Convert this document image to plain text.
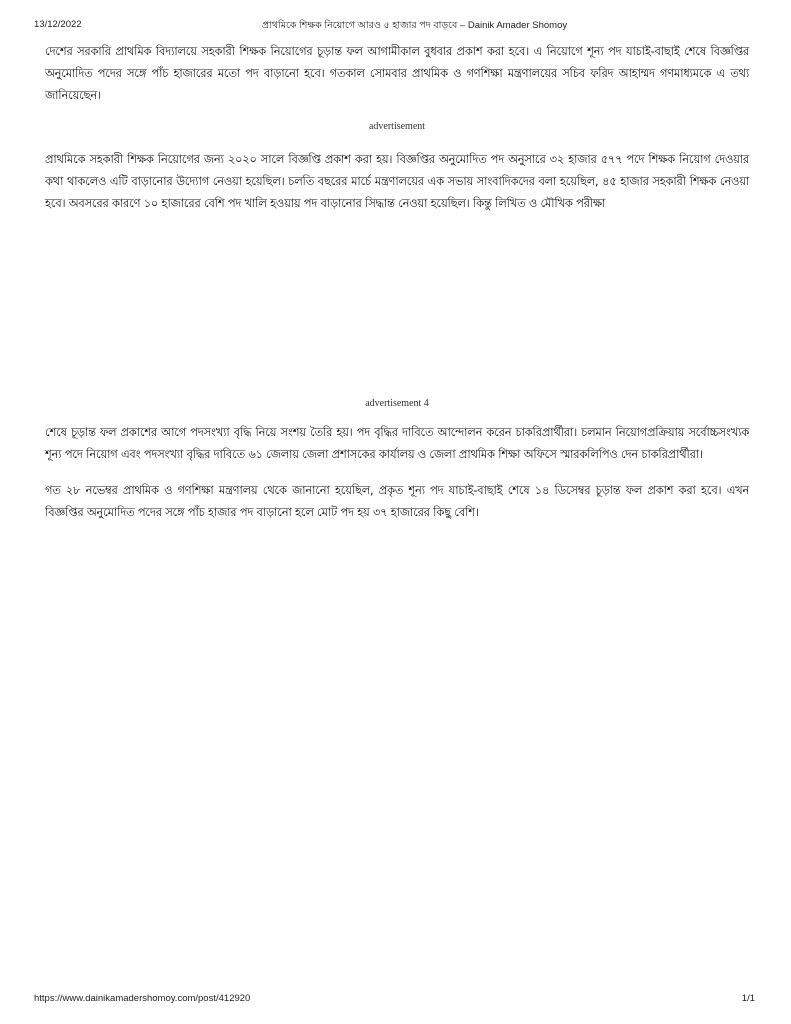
13/12/2022	প্রাথমিকে শিক্ষক নিয়োগে আরও ৫ হাজার পদ বাড়বে – Dainik Amader Shomoy

দেশের সরকারি প্রাথমিক বিদ্যালয়ে সহকারী শিক্ষক নিয়োগের চূড়ান্ত ফল আগামীকাল বুধবার প্রকাশ করা হবে। এ নিয়োগে শূন্য পদ যাচাই-বাছাই শেষে বিজ্ঞপ্তির অনুমোদিত পদের সঙ্গে পাঁচ হাজারের মতো পদ বাড়ানো হবে। গতকাল সোমবার প্রাথমিক ও গণশিক্ষা মন্ত্রণালয়ের সচিব ফরিদ আহাম্মদ গণমাধ্যমকে এ তথ্য জানিয়েছেন।

advertisement

প্রাথমিকে সহকারী শিক্ষক নিয়োগের জন্য ২০২০ সালে বিজ্ঞপ্তি প্রকাশ করা হয়। বিজ্ঞপ্তির অনুমোদিত পদ অনুসারে ৩২ হাজার ৫৭৭ পদে শিক্ষক নিয়োগ দেওয়ার কথা থাকলেও এটি বাড়ানোর উদ্যোগ নেওয়া হয়েছিল। চলতি বছরের মার্চে মন্ত্রণালয়ের এক সভায় সাংবাদিকদের বলা হয়েছিল, ৪৫ হাজার সহকারী শিক্ষক নেওয়া হবে। অবসরের কারণে ১০ হাজারের বেশি পদ খালি হওয়ায় পদ বাড়ানোর সিদ্ধান্ত নেওয়া হয়েছিল। কিন্তু লিখিত ও মৌখিক পরীক্ষা

advertisement 4

শেষে চূড়ান্ত ফল প্রকাশের আগে পদসংখ্যা বৃদ্ধি নিয়ে সংশয় তৈরি হয়। পদ বৃদ্ধির দাবিতে আন্দোলন করেন চাকরিপ্রার্থীরা। চলমান নিয়োগপ্রক্রিয়ায় সর্বোচ্চসংখ্যক শূন্য পদে নিয়োগ এবং পদসংখ্যা বৃদ্ধির দাবিতে ৬১ জেলায় জেলা প্রশাসকের কার্যালয় ও জেলা প্রাথমিক শিক্ষা অফিসে স্মারকলিপিও দেন চাকরিপ্রার্থীরা।

গত ২৮ নভেম্বর প্রাথমিক ও গণশিক্ষা মন্ত্রণালয় থেকে জানানো হয়েছিল, প্রকৃত শূন্য পদ যাচাই-বাছাই শেষে ১৪ ডিসেম্বর চূড়ান্ত ফল প্রকাশ করা হবে। এখন বিজ্ঞপ্তির অনুমোদিত পদের সঙ্গে পাঁচ হাজার পদ বাড়ানো হলে মোট পদ হয় ৩৭ হাজারের কিছু বেশি।

https://www.dainikamadershomoy.com/post/412920	1/1
